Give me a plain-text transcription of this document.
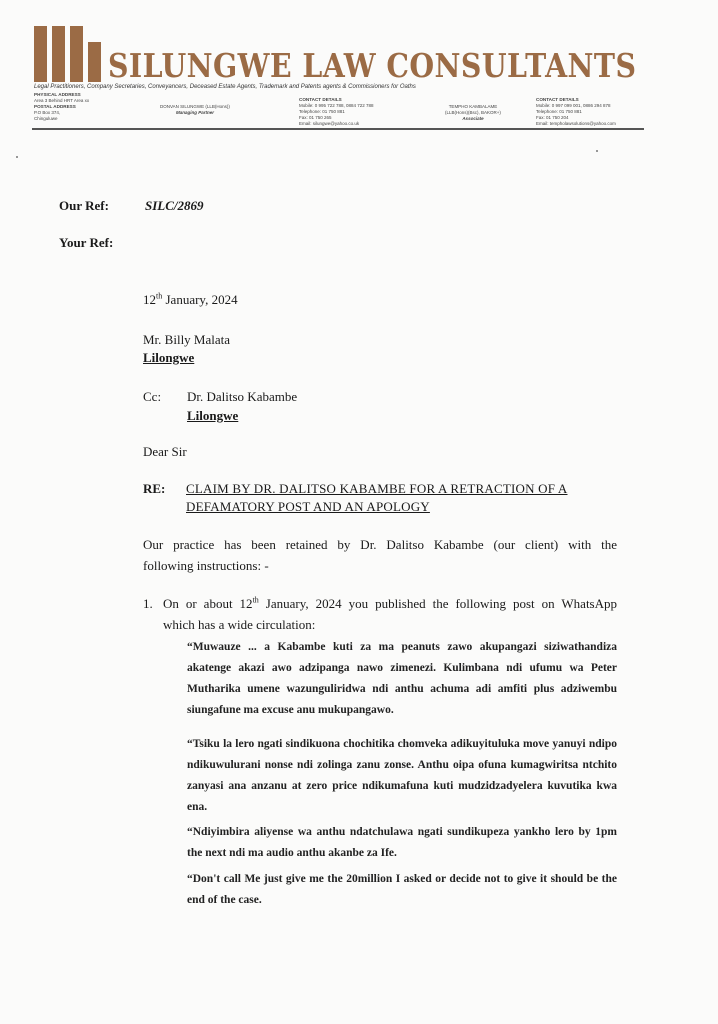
SILUNGWE LAW CONSULTANTS
Legal Practitioners, Company Secretaries, Conveyancers, Deceased Estate Agents, Trademark and Patents agents & Commissioners for Oaths
PHYSICAL ADDRESS
Area 3 Behind HRT Area xx
POSTAL ADDRESS
P.O Box 374,
Chinguluwe
DONVAN SILUNGWE (LLB(Hons))
Managing Partner
CONTACT DETAILS
Mobile: 0 995 722 788, 0884 722 788
Telephone: 01 750 881
Fax: 01 750 265
Email: silungwe@yahoo.co.uk
TEMPHO KAMBALAME
(LLB(Hons)(Bsc), BAKOR+)
Associate
CONTACT DETAILS
Mobile: 0 997 099 001, 0886 294 878
Telephone: 01 750 881
Fax: 01 750 204
Email: tempholawsolutions@yahoo.com
Our Ref:	SILC/2869
Your Ref:
12th January, 2024
Mr. Billy Malata
Lilongwe
Cc: Dr. Dalitso Kabambe
Lilongwe
Dear Sir
RE: CLAIM BY DR. DALITSO KABAMBE FOR A RETRACTION OF A DEFAMATORY POST AND AN APOLOGY
Our practice has been retained by Dr. Dalitso Kabambe (our client) with the
following instructions: -
1. On or about 12th January, 2024 you published the following post on WhatsApp
which has a wide circulation:
“Muwauze ... a Kabambe kuti za ma peanuts zawo akupangazi siziwathandiza akatenge akazi awo adzipanga nawo zimenezi. Kulimbana ndi ufumu wa Peter Mutharika umene wazunguliridwa ndi anthu achuma adi amfiti plus adziwembu siungafune ma excuse anu mukupangawo.
“Tsiku la lero ngati sindikuona chochitika chomveka adikuyituluka move yanuyi ndipo ndikuwulurani nonse ndi zolinga zanu zonse. Anthu oipa ofuna kumagwiritsa ntchito zanyasi ana anzanu at zero price ndikumafuna kuti mudzidzadyelera kuvutika kwa ena.
“Ndiyimbira aliyense wa anthu ndatchulawa ngati sundikupeza yankho lero by 1pm the next ndi ma audio anthu akanbe za Ife.
“Don't call Me just give me the 20million I asked or decide not to give it should be the end of the case.
